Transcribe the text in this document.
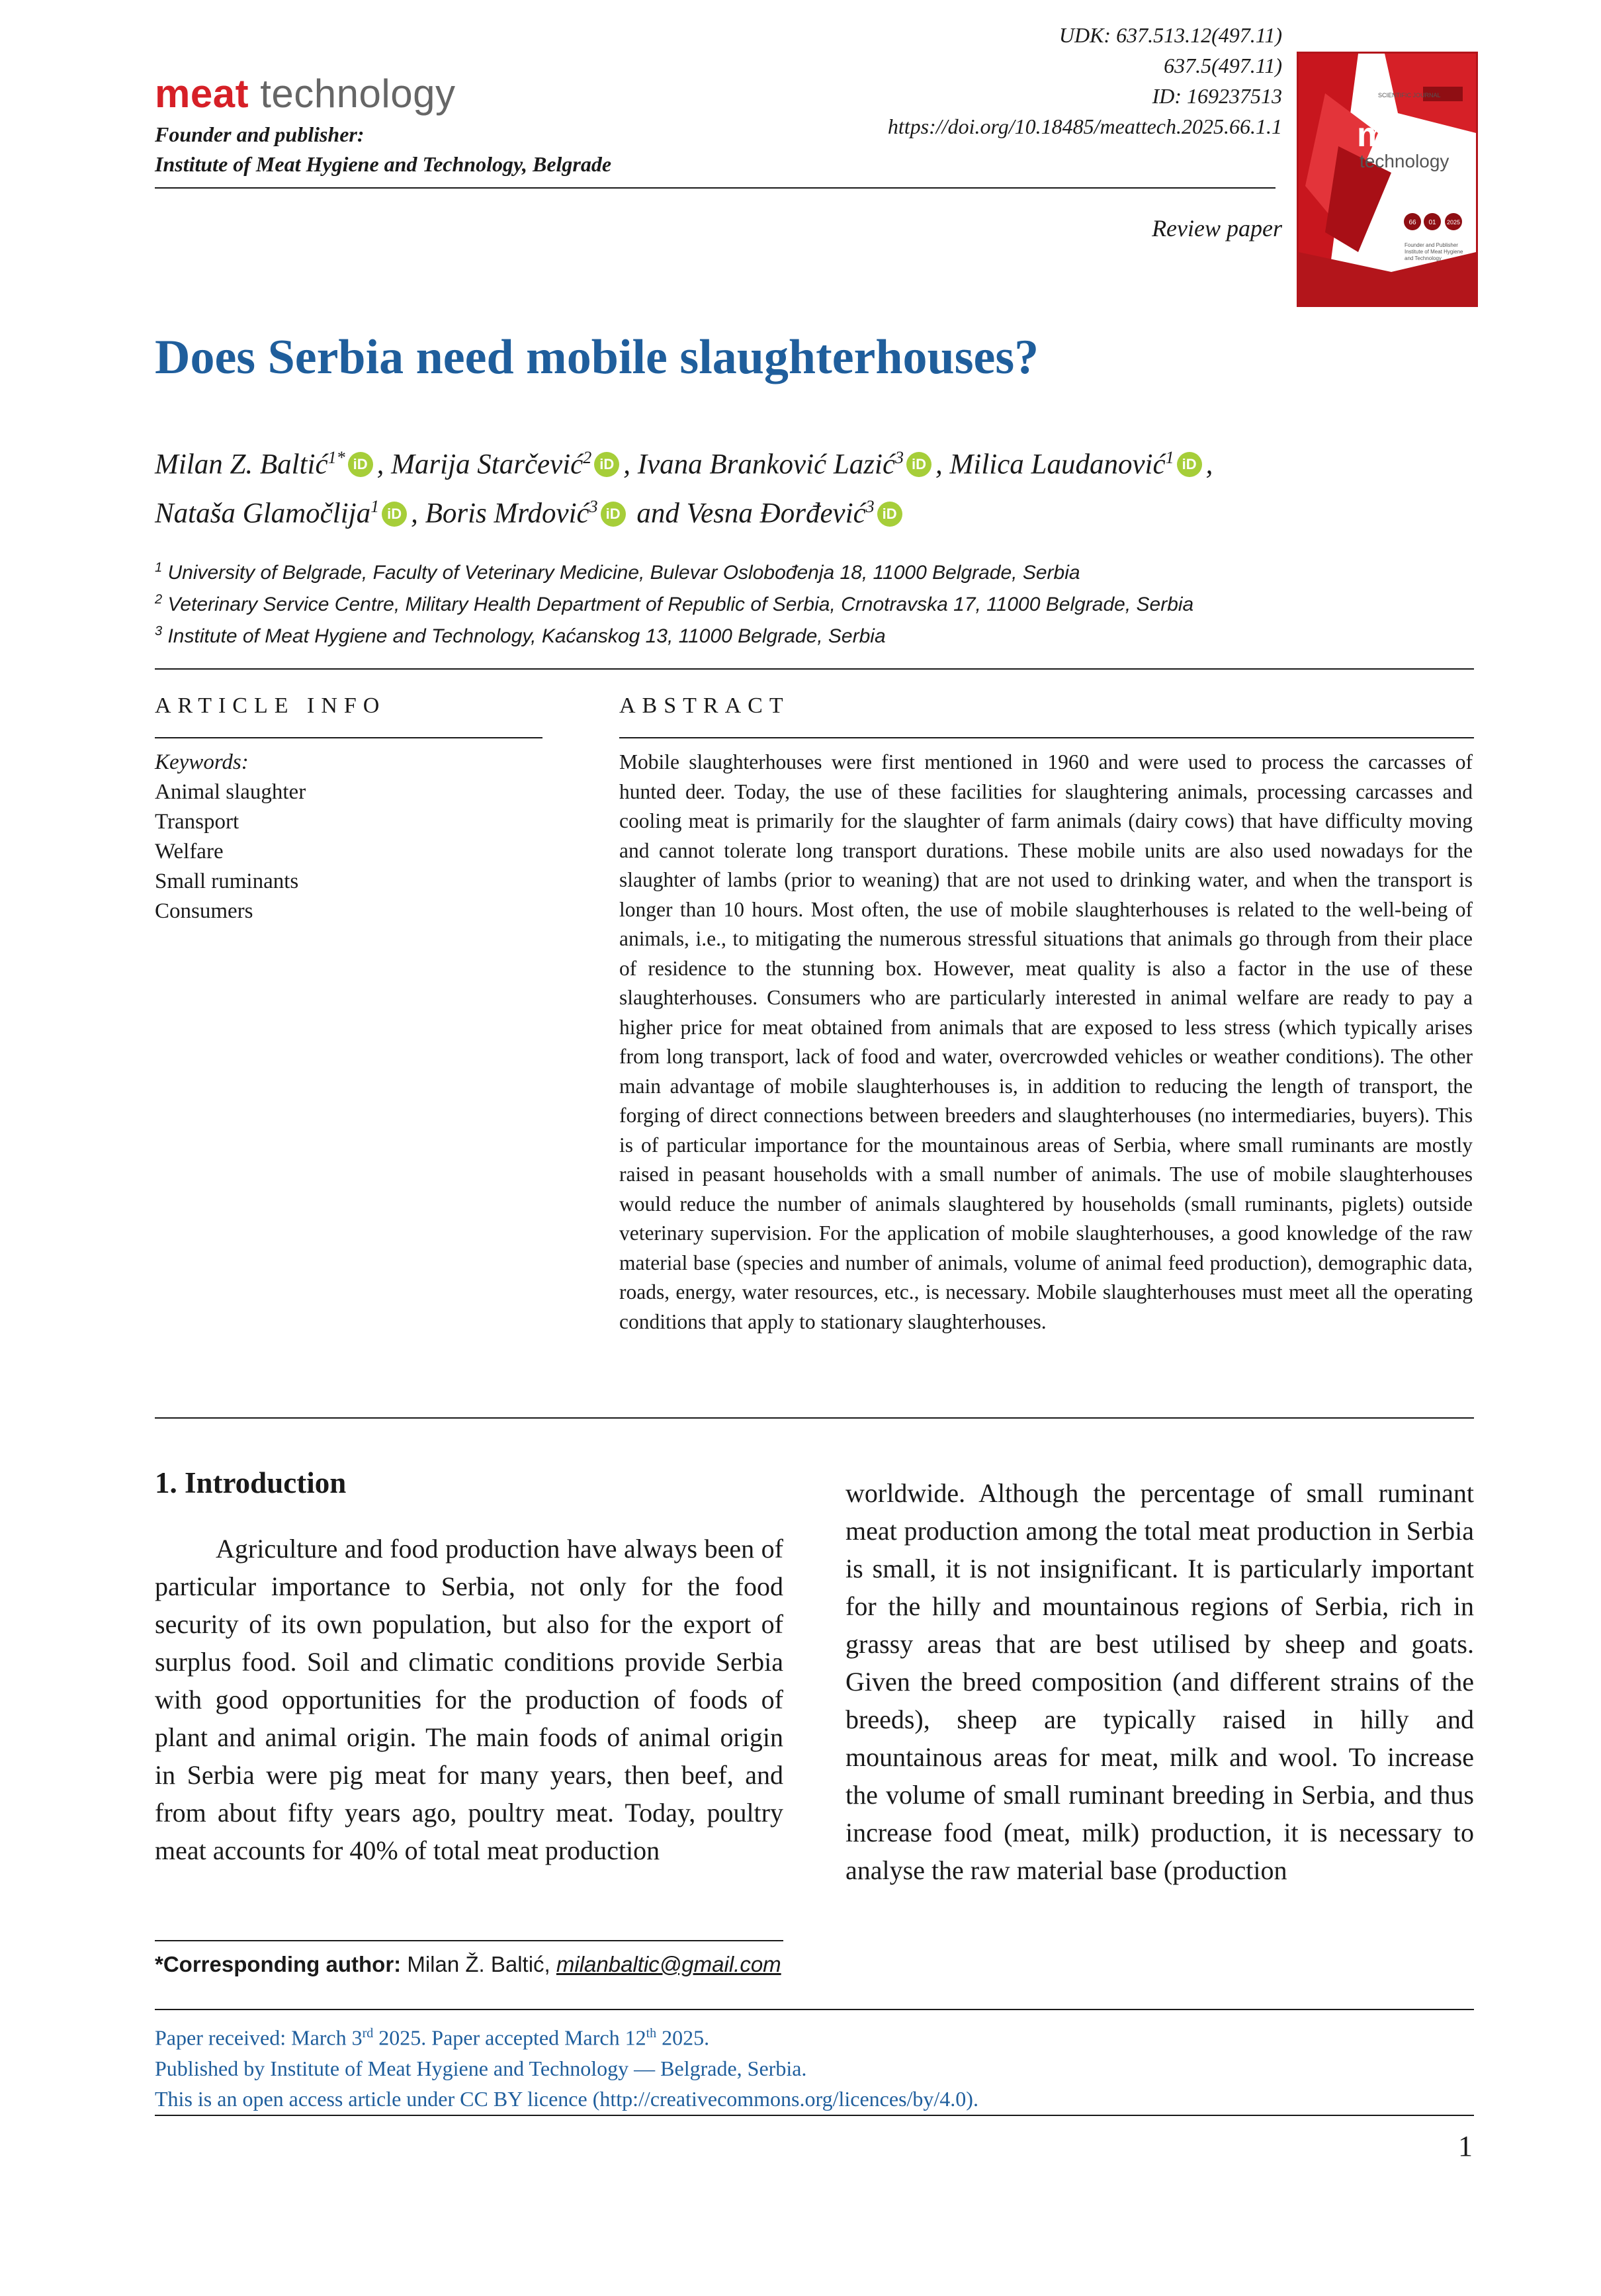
meat technology
Founder and publisher:
Institute of Meat Hygiene and Technology, Belgrade
UDK: 637.513.12(497.11)
637.5(497.11)
ID: 169237513
https://doi.org/10.18485/meattech.2025.66.1.1
Review paper
SCIENTIFIC JOURNAL
meat
technology
66 01 2025
Founder and Publisher Institute of Meat Hygiene and Technology
Does Serbia need mobile slaughterhouses?
Milan Z. Baltić$^{1*}$ iD , Marija Starčević$^2$ iD , Ivana Branković Lazić$^3$ iD , Milica Laudanović$^1$ iD ,
Nataša Glamočlija$^1$ iD , Boris Mrdović$^3$ iD and Vesna Đorđević$^3$ iD
$^1$ University of Belgrade, Faculty of Veterinary Medicine, Bulevar Oslobođenja 18, 11000 Belgrade, Serbia
$^2$ Veterinary Service Centre, Military Health Department of Republic of Serbia, Crnotravska 17, 11000 Belgrade, Serbia
$^3$ Institute of Meat Hygiene and Technology, Kaćanskog 13, 11000 Belgrade, Serbia
ARTICLE INFO	ABSTRACT
Keywords:
Animal slaughter
Transport
Welfare
Small ruminants
Consumers
Mobile slaughterhouses were first mentioned in 1960 and were used to process the carcasses of hunted deer. Today, the use of these facilities for slaughtering animals, processing carcasses and cooling meat is primarily for the slaughter of farm animals (dairy cows) that have difficulty moving and cannot tolerate long transport durations. These mobile units are also used nowadays for the slaughter of lambs (prior to weaning) that are not used to drinking water, and when the transport is longer than 10 hours. Most often, the use of mobile slaughterhouses is related to the well-being of animals, i.e., to mitigating the numerous stressful situations that animals go through from their place of residence to the stunning box. However, meat quality is also a factor in the use of these slaughterhouses. Consumers who are particularly interested in animal welfare are ready to pay a higher price for meat obtained from animals that are exposed to less stress (which typically arises from long transport, lack of food and water, overcrowded vehicles or weather conditions). The other main advantage of mobile slaughterhouses is, in addition to reducing the length of transport, the forging of direct connections between breeders and slaughterhouses (no intermediaries, buyers). This is of particular importance for the mountainous areas of Serbia, where small ruminants are mostly raised in peasant households with a small number of animals. The use of mobile slaughterhouses would reduce the number of animals slaughtered by households (small ruminants, piglets) outside veterinary supervision. For the application of mobile slaughterhouses, a good knowledge of the raw material base (species and number of animals, volume of animal feed production), demographic data, roads, energy, water resources, etc., is necessary. Mobile slaughterhouses must meet all the operating conditions that apply to stationary slaughterhouses.
1. Introduction
Agriculture and food production have always been of particular importance to Serbia, not only for the food security of its own population, but also for the export of surplus food. Soil and climatic conditions provide Serbia with good opportunities for the production of foods of plant and animal origin. The main foods of animal origin in Serbia were pig meat for many years, then beef, and from about fifty years ago, poultry meat. Today, poultry meat accounts for 40% of total meat production
worldwide. Although the percentage of small ruminant meat production among the total meat production in Serbia is small, it is not insignificant. It is particularly important for the hilly and mountainous regions of Serbia, rich in grassy areas that are best utilised by sheep and goats. Given the breed composition (and different strains of the breeds), sheep are typically raised in hilly and mountainous areas for meat, milk and wool. To increase the volume of small ruminant breeding in Serbia, and thus increase food (meat, milk) production, it is necessary to analyse the raw material base (production
*Corresponding author: Milan Ž. Baltić, milanbaltic@gmail.com
Paper received: March 3rd 2025. Paper accepted March 12th 2025.
Published by Institute of Meat Hygiene and Technology — Belgrade, Serbia.
This is an open access article under CC BY licence (http://creativecommons.org/licences/by/4.0).
1
